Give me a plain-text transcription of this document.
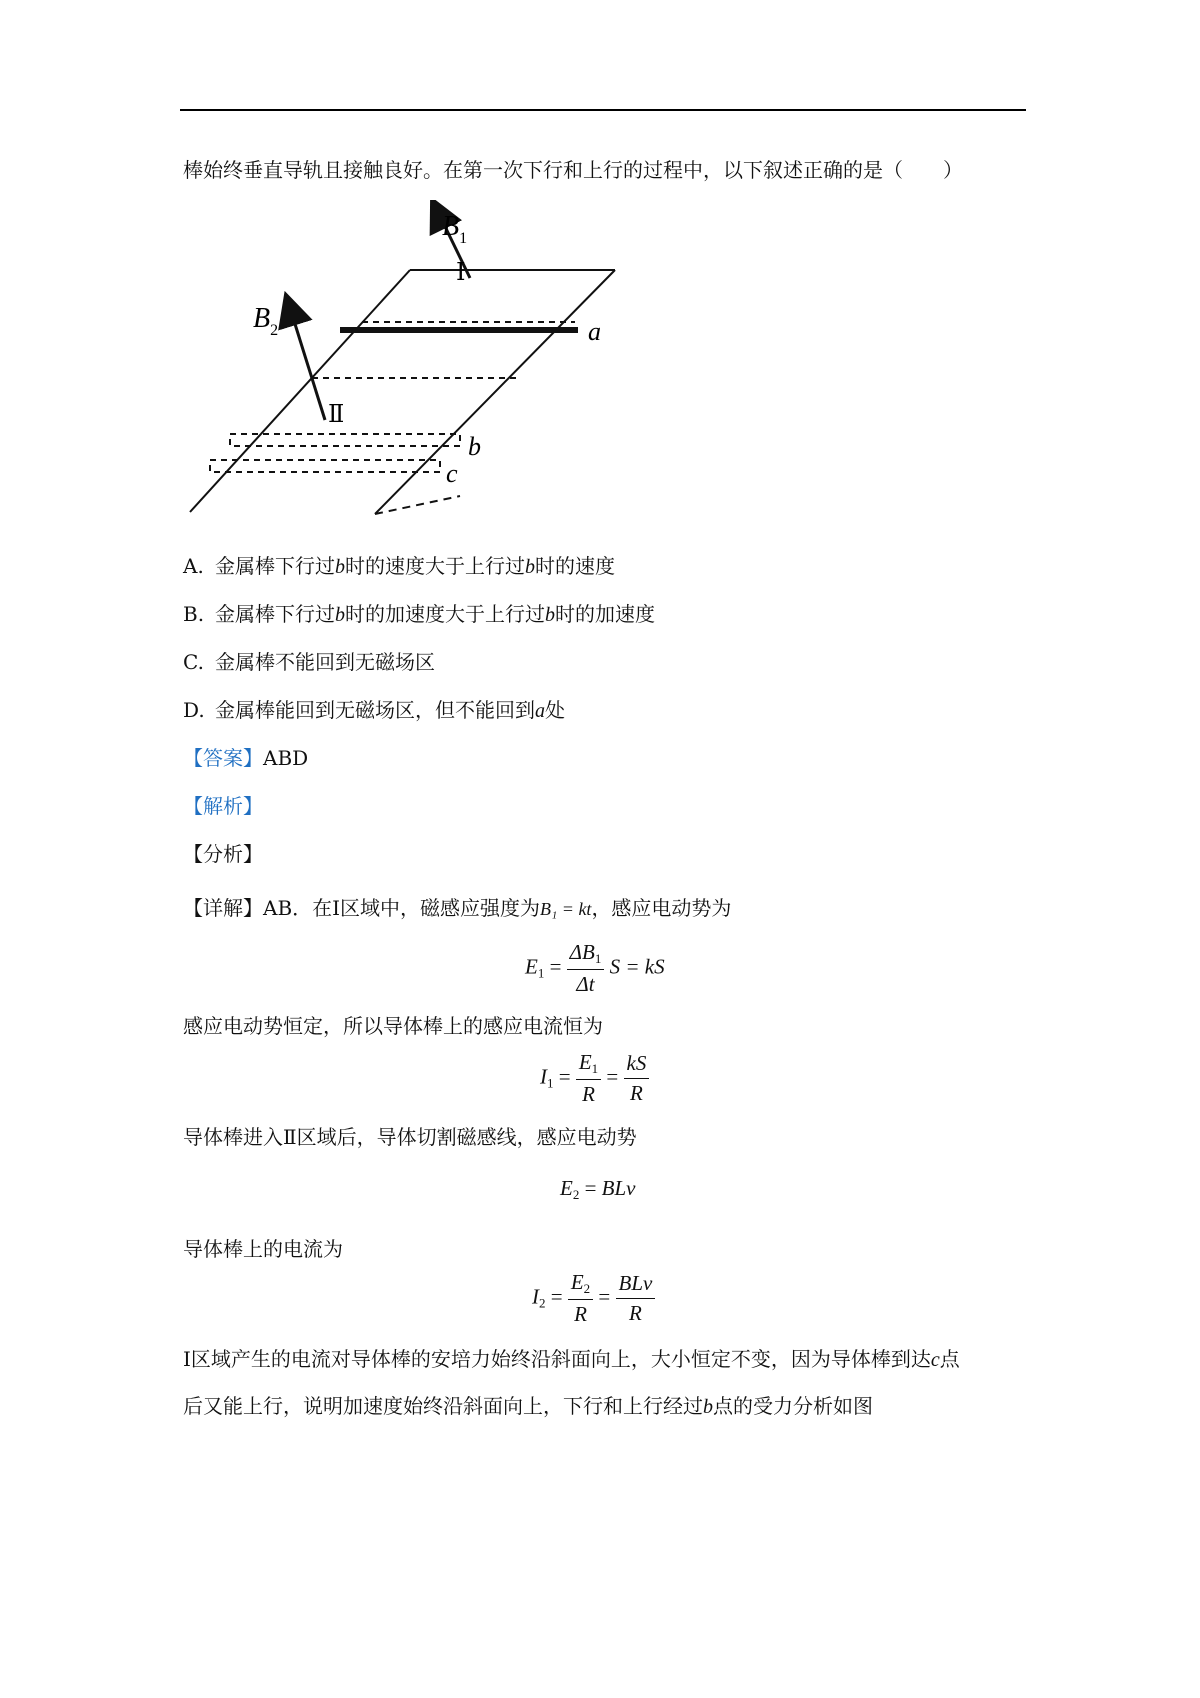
棒始终垂直导轨且接触良好。在第一次下行和上行的过程中，以下叙述正确的是（　　）
$B_1$
Ⅰ
$B_2$	a
Ⅱ
b
c
A. 金属棒下行过b时的速度大于上行过b时的速度
B. 金属棒下行过b时的加速度大于上行过b时的加速度
C. 金属棒不能回到无磁场区
D. 金属棒能回到无磁场区，但不能回到a处
【答案】ABD
【解析】
【分析】
【详解】AB．在Ⅰ区域中，磁感应强度为B₁ = kt，感应电动势为
$E_1 = \frac{\Delta B_1}{\Delta t}$ S = kS
感应电动势恒定，所以导体棒上的感应电流恒为
$I_1 = \frac{E_1}{R} = \frac{kS}{R}$
导体棒进入Ⅱ区域后，导体切割磁感线，感应电动势
$E_2$ = BLv
导体棒上的电流为
$I_2 = \frac{E_2}{R} = \frac{\text{BLv}}{R}$
Ⅰ区域产生的电流对导体棒的安培力始终沿斜面向上，大小恒定不变，因为导体棒到达c点
后又能上行，说明加速度始终沿斜面向上，下行和上行经过b点的受力分析如图
